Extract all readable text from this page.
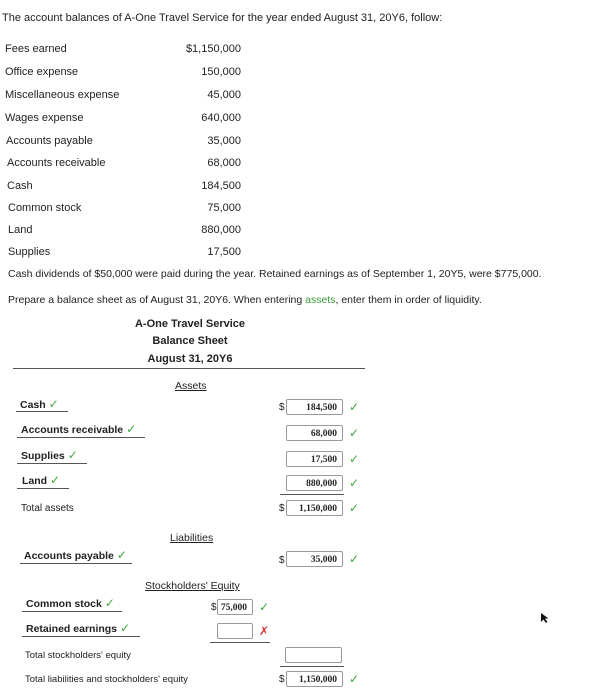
The account balances of A-One Travel Service for the year ended August 31, 20Y6, follow:
Fees earned	$1,150,000
Office expense	150,000
Miscellaneous expense	45,000
Wages expense	640,000
Accounts payable	35,000
Accounts receivable	68,000
Cash	184,500
Common stock	75,000
Land	880,000
Supplies	17,500
Cash dividends of $50,000 were paid during the year. Retained earnings as of September 1, 20Y5, were $775,000.
Prepare a balance sheet as of August 31, 20Y6. When entering assets, enter them in order of liquidity.
A-One Travel Service
Balance Sheet
August 31, 20Y6
Assets
Cash ✓	$	184,500	✓
Accounts receivable ✓	68,000	✓
Supplies ✓	17,500	✓
Land ✓	880,000	✓
Total assets	$	1,150,000	✓
Liabilities
Accounts payable ✓	$	35,000	✓
Stockholders' Equity
Common stock ✓	$ 75,000	✓
Retained earnings ✓	✗
Total stockholders' equity
Total liabilities and stockholders' equity	$	1,150,000	✓
